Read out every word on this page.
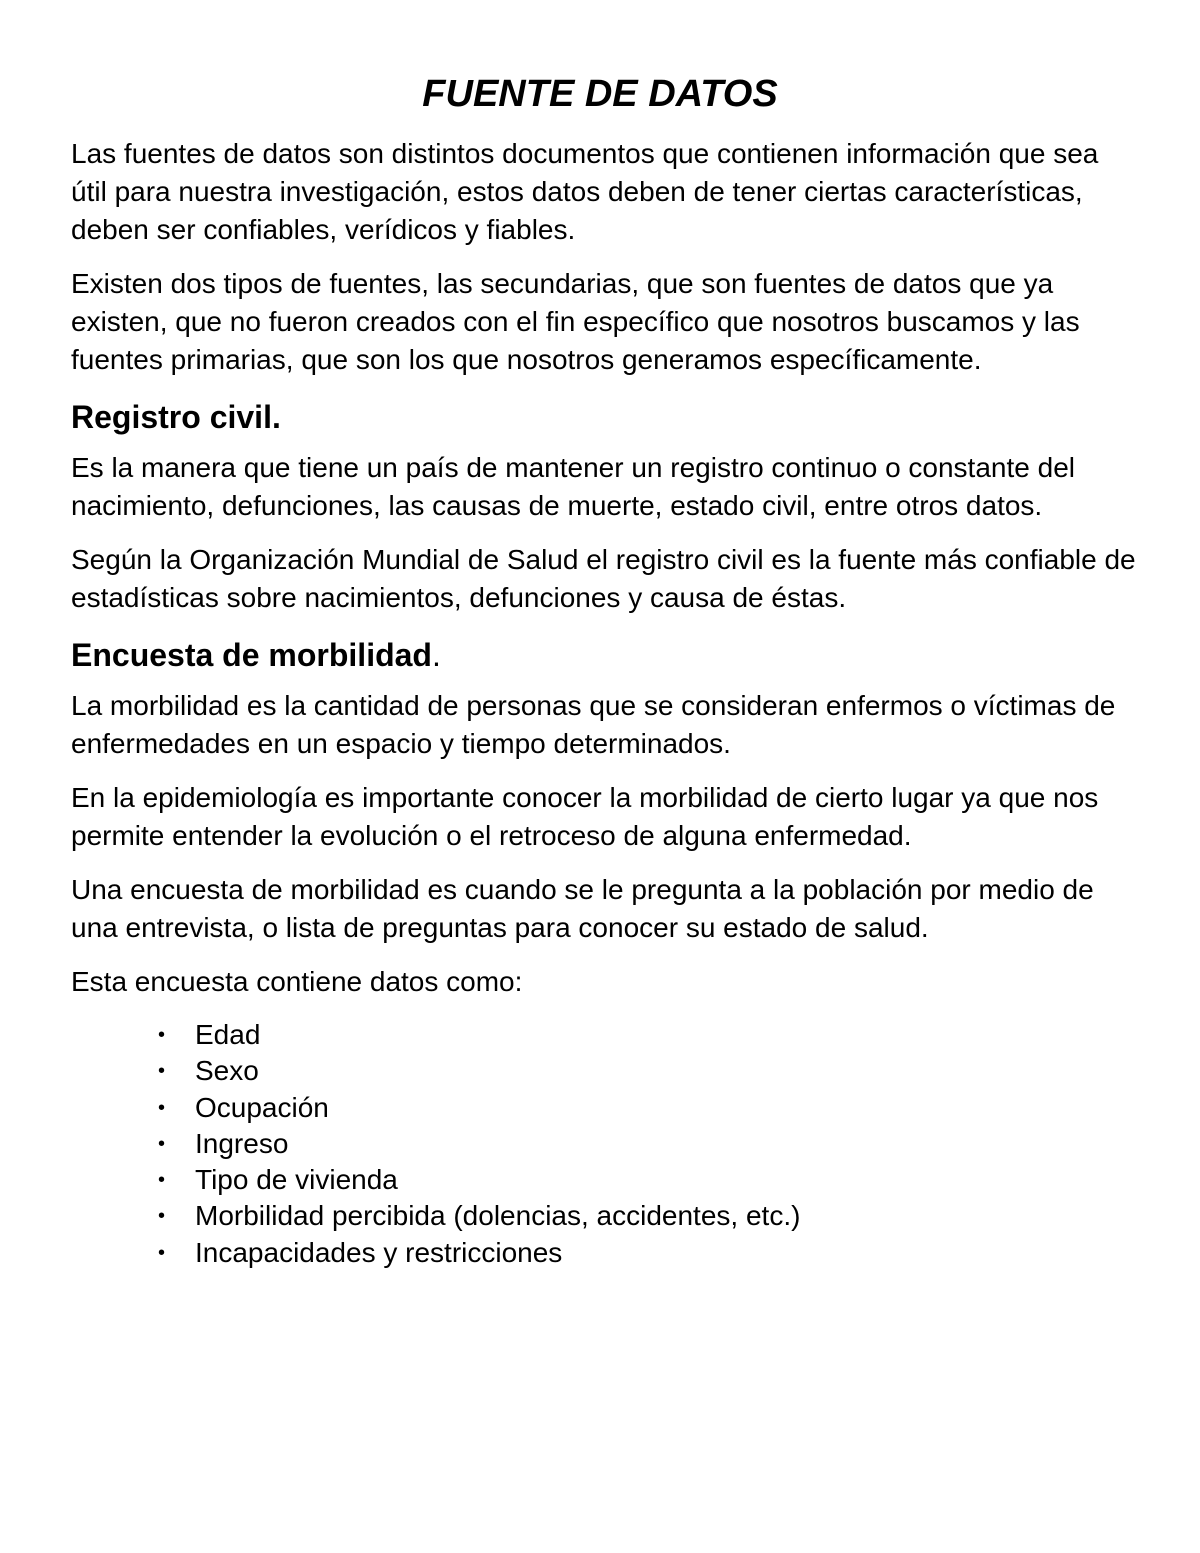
FUENTE DE DATOS

Las fuentes de datos son distintos documentos que contienen información que sea útil para nuestra investigación, estos datos deben de tener ciertas características, deben ser confiables, verídicos y fiables.

Existen dos tipos de fuentes, las secundarias, que son fuentes de datos que ya existen, que no fueron creados con el fin específico que nosotros buscamos y las fuentes primarias, que son los que nosotros generamos específicamente.

Registro civil.

Es la manera que tiene un país de mantener un registro continuo o constante del nacimiento, defunciones, las causas de muerte, estado civil, entre otros datos.

Según la Organización Mundial de Salud el registro civil es la fuente más confiable de estadísticas sobre nacimientos, defunciones y causa de éstas.

Encuesta de morbilidad.

La morbilidad es la cantidad de personas que se consideran enfermos o víctimas de enfermedades en un espacio y tiempo determinados.

En la epidemiología es importante conocer la morbilidad de cierto lugar ya que nos permite entender la evolución o el retroceso de alguna enfermedad.

Una encuesta de morbilidad es cuando se le pregunta a la población por medio de una entrevista, o lista de preguntas para conocer su estado de salud.

Esta encuesta contiene datos como:

• Edad
• Sexo
• Ocupación
• Ingreso
• Tipo de vivienda
• Morbilidad percibida (dolencias, accidentes, etc.)
• Incapacidades y restricciones
